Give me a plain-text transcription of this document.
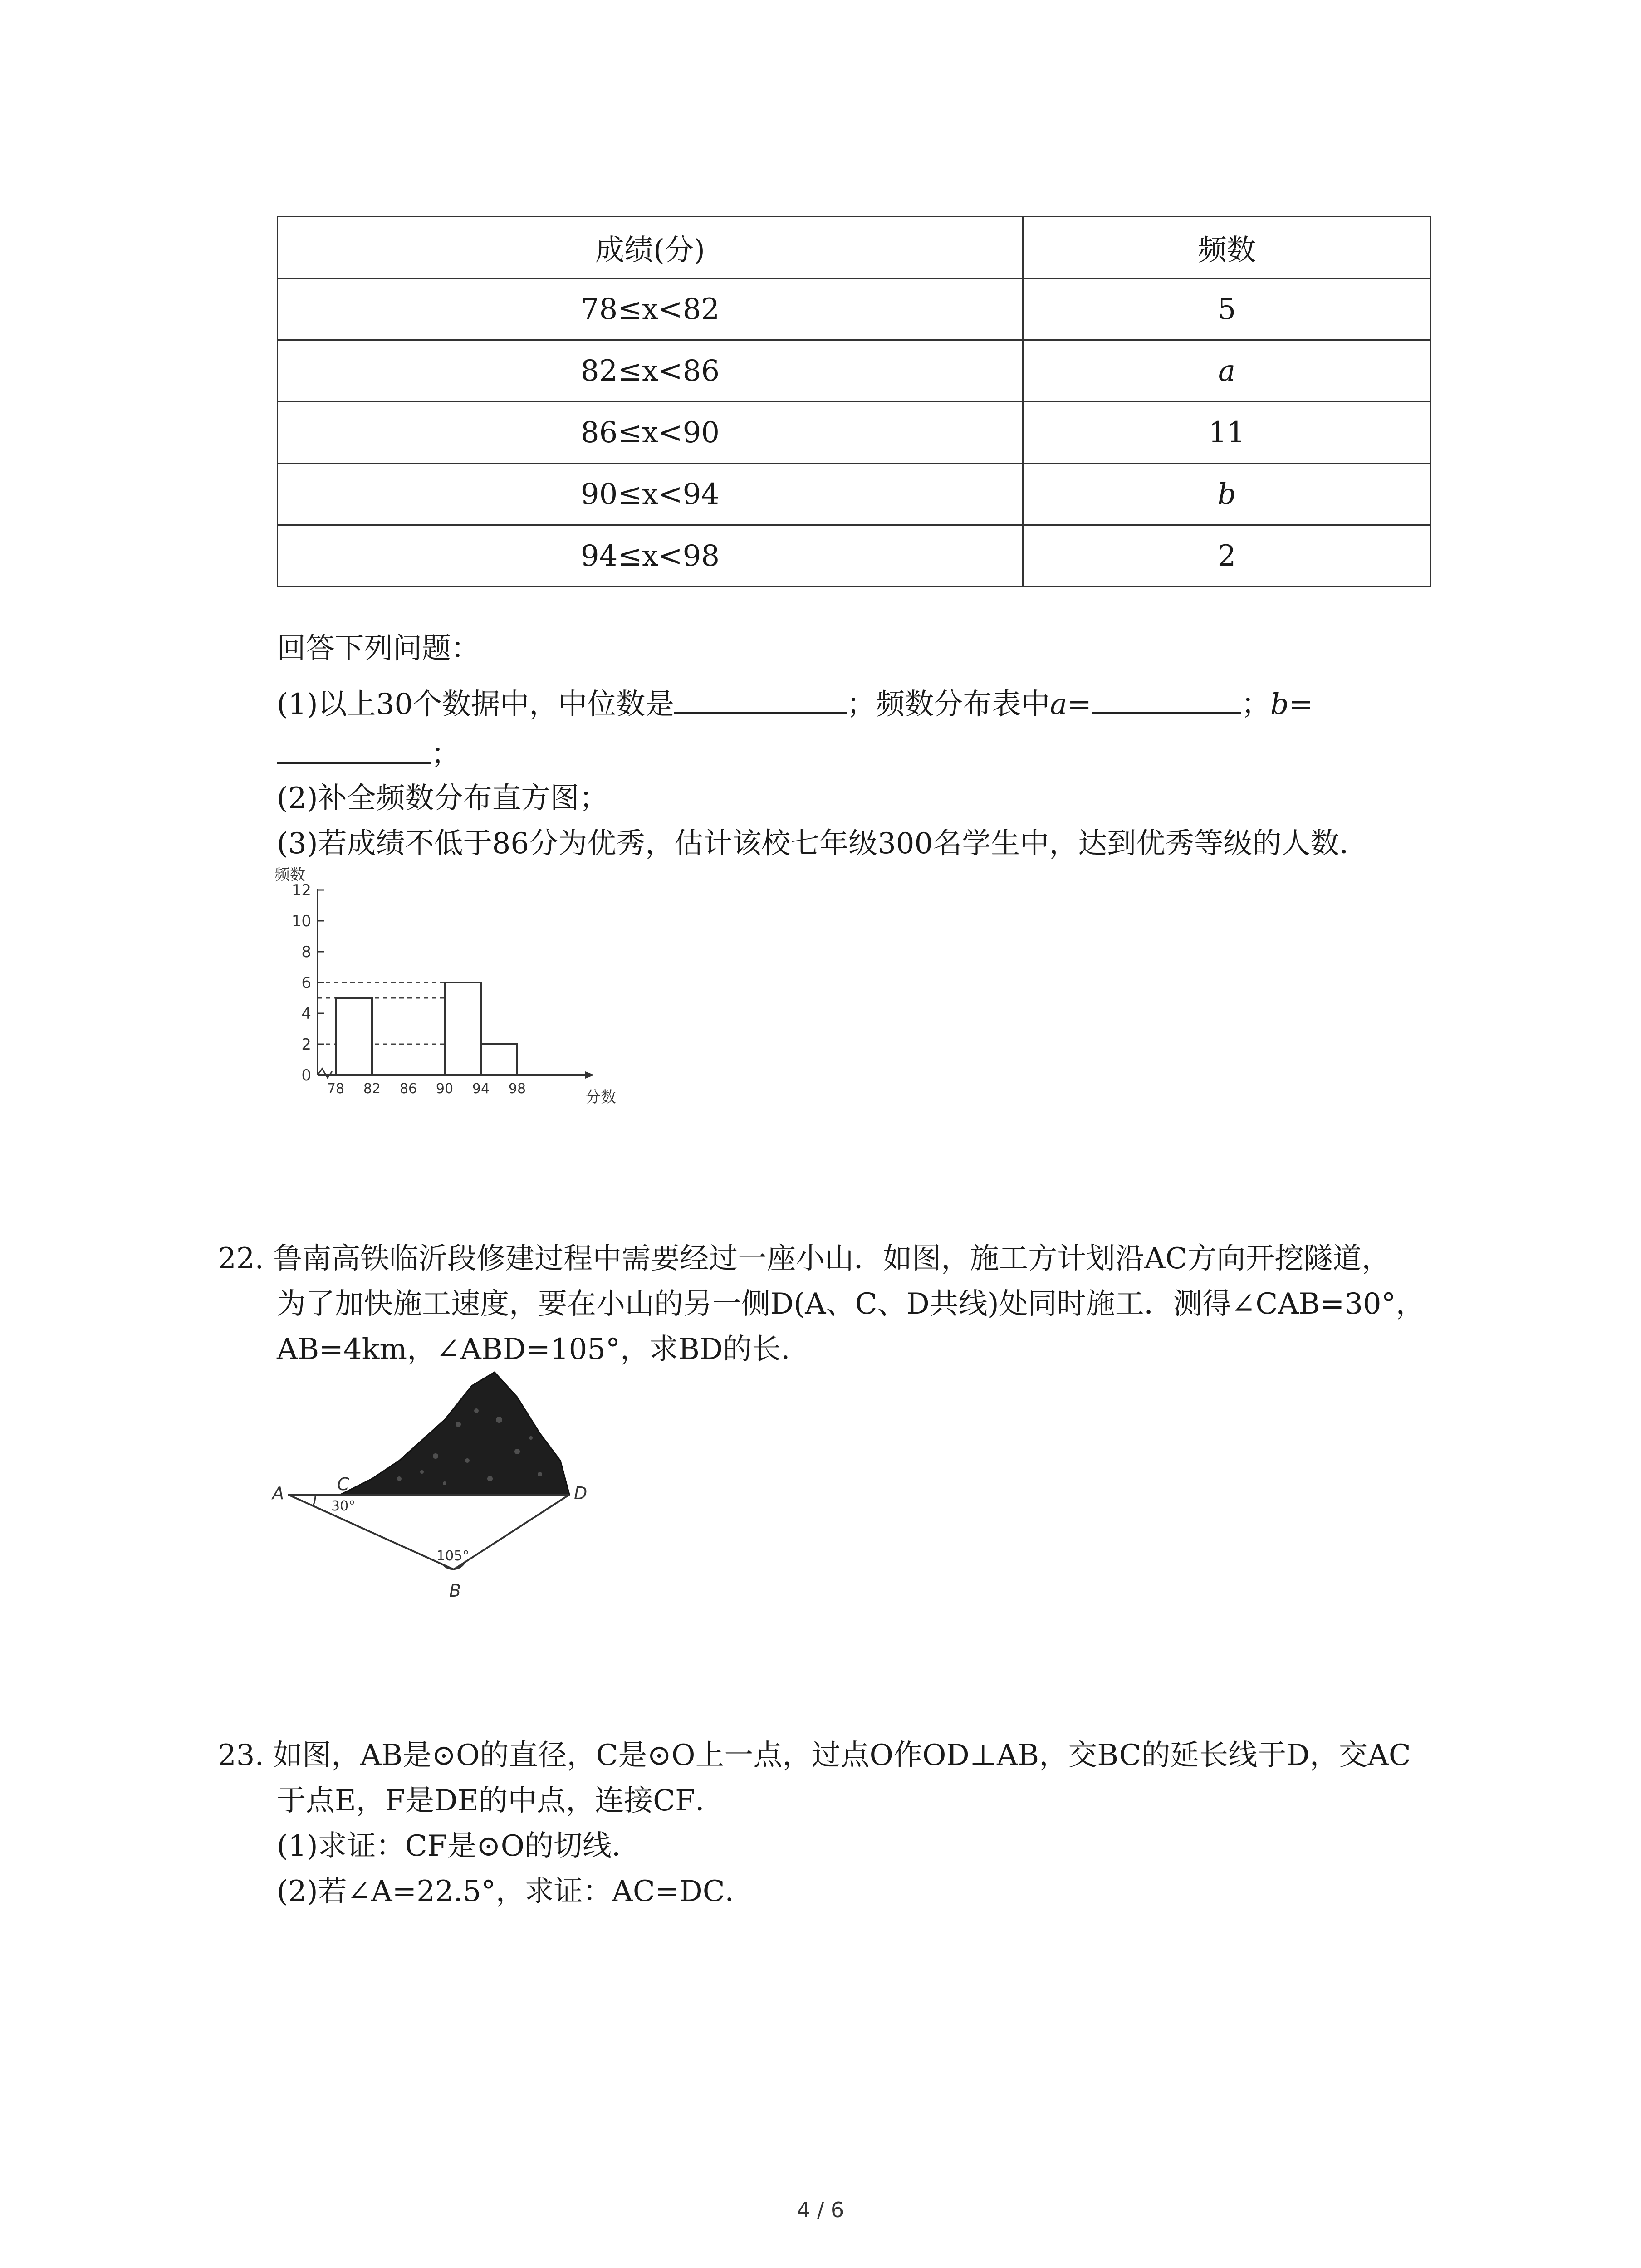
成绩(分)	频数
78≤x<82	5
82≤x<86	a
86≤x<90	11
90≤x<94	b
94≤x<98	2
回答下列问题：
(1)以上30个数据中，中位数是	；频数分布表中a=	；b=
；
(2)补全频数分布直方图；
(3)若成绩不低于86分为优秀，估计该校七年级300名学生中，达到优秀等级的人数．
频数
分数
0
2
4
6
8
10
12
78 82 86 90 94 98
22. 鲁南高铁临沂段修建过程中需要经过一座小山．如图，施工方计划沿AC方向开挖隧道，
为了加快施工速度，要在小山的另一侧D(A、C、D共线)处同时施工．测得∠CAB=30°，
AB=4km，∠ABD=105°，求BD的长．
A	C	D
B
30°
105°
23. 如图，AB是⊙O的直径，C是⊙O上一点，过点O作OD⊥AB，交BC的延长线于D，交AC
于点E，F是DE的中点，连接CF．
(1)求证：CF是⊙O的切线．
(2)若∠A=22.5°，求证：AC=DC．
4 / 6
